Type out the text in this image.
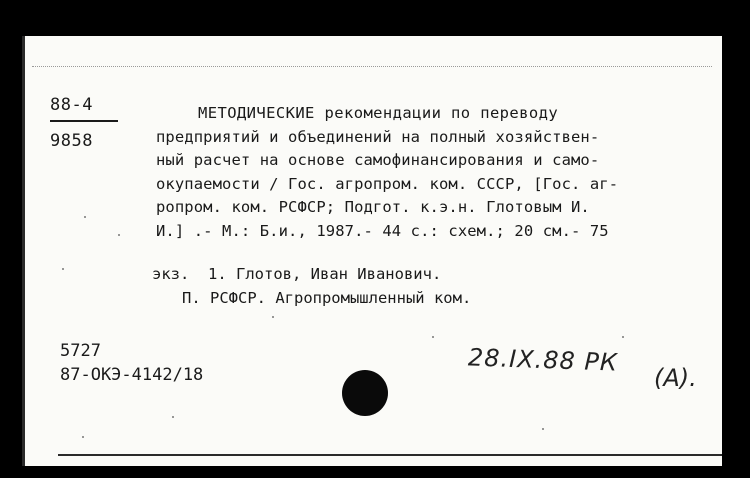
88-4
9858
МЕТОДИЧЕСКИЕ рекомендации по переводу
предприятий и объединений на полный хозяйствен-
ный расчет на основе самофинансирования и само-
окупаемости / Гос. агропром. ком. СССР, [Гос. аг-
ропром. ком. РСФСР; Подгот. к.э.н. Глотовым И.
И.] .- М.: Б.и., 1987.- 44 с.: схем.; 20 см.- 75
экз. 1. Глотов, Иван Иванович.
П. РСФСР. Агропромышленный ком.
5727
87-ОКЭ-4142/18	28.IX.88 РК
(А).
